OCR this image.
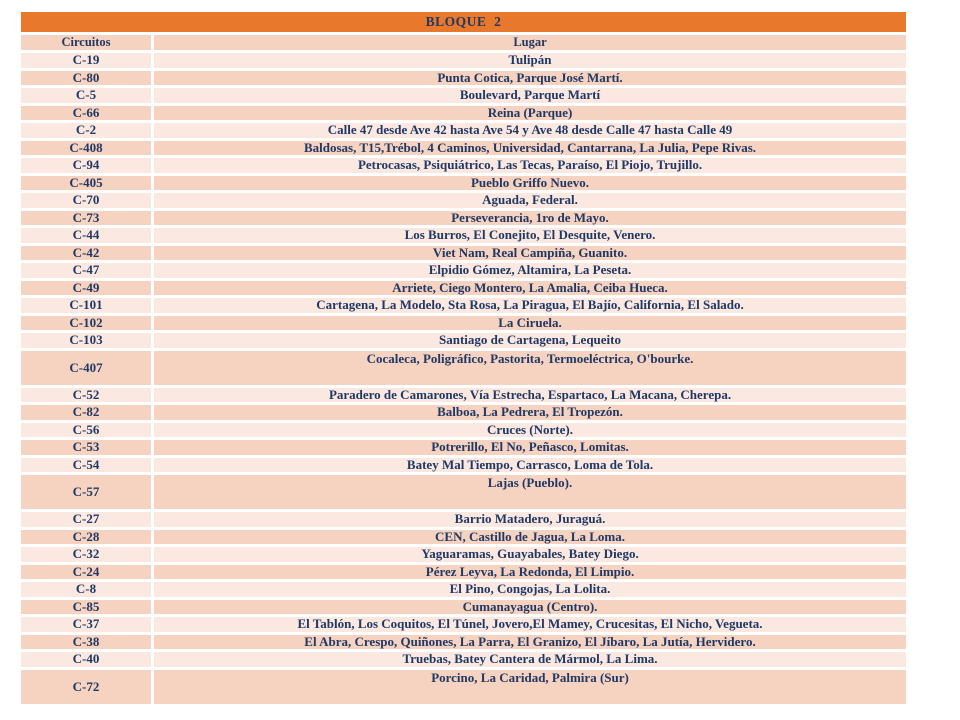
BLOQUE  2	
Circuitos	Lugar
C-19	Tulipán
C-80	Punta Cotica, Parque José Martí.
C-5	Boulevard, Parque Martí
C-66	Reina (Parque)
C-2	Calle 47 desde Ave 42 hasta Ave 54 y Ave 48 desde Calle 47 hasta Calle 49
C-408	Baldosas, T15,Trébol, 4 Caminos, Universidad, Cantarrana, La Julia, Pepe Rivas.
C-94	Petrocasas, Psiquiátrico, Las Tecas, Paraíso, El Piojo, Trujillo.
C-405	Pueblo Griffo Nuevo.
C-70	Aguada, Federal.
C-73	Perseverancia, 1ro de Mayo.
C-44	Los Burros, El Conejito, El Desquite, Venero.
C-42	Viet Nam, Real Campiña, Guanito.
C-47	Elpidio Gómez, Altamira, La Peseta.
C-49	Arriete, Ciego Montero, La Amalia, Ceiba Hueca.
C-101	Cartagena, La Modelo, Sta Rosa, La Piragua, El Bajío, California, El Salado.
C-102	La Ciruela.
C-103	Santiago de Cartagena, Lequeito
C-407	Cocaleca, Poligráfico, Pastorita, Termoeléctrica, O'bourke.
C-52	Paradero de Camarones, Vía Estrecha, Espartaco, La Macana, Cherepa.
C-82	Balboa, La Pedrera, El Tropezón.
C-56	Cruces (Norte).
C-53	Potrerillo, El No, Peñasco, Lomitas.
C-54	Batey Mal Tiempo, Carrasco, Loma de Tola.
C-57	Lajas (Pueblo).
C-27	Barrio Matadero, Juraguá.
C-28	CEN, Castillo de Jagua, La Loma.
C-32	Yaguaramas, Guayabales, Batey Diego.
C-24	Pérez Leyva, La Redonda, El Limpio.
C-8	El Pino, Congojas, La Lolita.
C-85	Cumanayagua (Centro).
C-37	El Tablón, Los Coquitos, El Túnel, Jovero,El Mamey, Crucesitas, El Nicho, Vegueta.
C-38	El Abra, Crespo, Quiñones, La Parra, El Granizo, El Jíbaro, La Jutía, Hervidero.
C-40	Truebas, Batey Cantera de Mármol, La Lima.
C-72	Porcino, La Caridad, Palmira (Sur)
